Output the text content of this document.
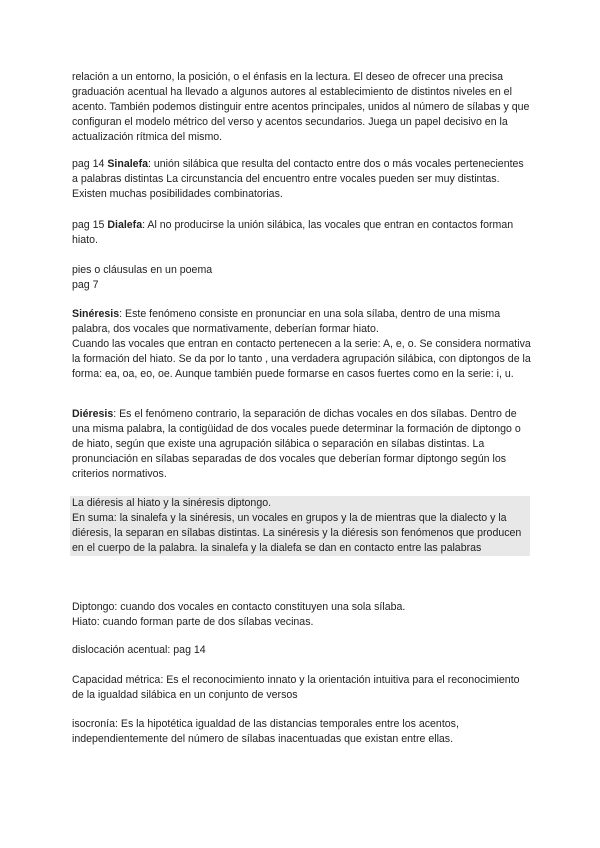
relación a un entorno, la posición, o el énfasis en la lectura. El deseo de ofrecer una precisa graduación acentual ha llevado a algunos autores al establecimiento de distintos niveles en el acento. También podemos distinguir entre acentos principales, unidos al número de sílabas y que configuran el modelo métrico del verso y acentos secundarios. Juega un papel decisivo en la actualización rítmica del mismo.

pag 14 Sinalefa: unión silábica que resulta del contacto entre dos o más vocales pertenecientes a palabras distintas La circunstancia del encuentro entre vocales pueden ser muy distintas. Existen muchas posibilidades combinatorias.

pag 15 Dialefa: Al no producirse la unión silábica, las vocales que entran en contactos forman hiato.

pies o cláusulas en un poema

pag 7

Sinéresis: Este fenómeno consiste en pronunciar en una sola sílaba, dentro de una misma palabra, dos vocales que normativamente, deberían formar hiato.

Cuando las vocales que entran en contacto pertenecen a la serie: A, e, o. Se considera normativa la formación del hiato. Se da por lo tanto , una verdadera agrupación silábica, con diptongos de la forma: ea, oa, eo, oe. Aunque también puede formarse en casos fuertes como en la serie: i, u.

Diéresis: Es el fenómeno contrario, la separación de dichas vocales en dos sílabas. Dentro de una misma palabra, la contigüidad de dos vocales puede determinar la formación de diptongo o de hiato, según que existe una agrupación silábica o separación en sílabas distintas. La pronunciación en sílabas separadas de dos vocales que deberían formar diptongo según los criterios normativos.

La diéresis al hiato y la sinéresis diptongo.

En suma: la sinalefa y la sinéresis, un vocales en grupos y la de mientras que la dialecto y la diéresis, la separan en sílabas distintas. La sinéresis y la diéresis son fenómenos que producen en el cuerpo de la palabra. la sinalefa y la dialefa se dan en contacto entre las palabras

Diptongo: cuando dos vocales en contacto constituyen una sola sílaba.

Hiato: cuando forman parte de dos sílabas vecinas.

dislocación acentual: pag 14

Capacidad métrica: Es el reconocimiento innato y la orientación intuitiva para el reconocimiento de la igualdad silábica en un conjunto de versos

isocronía: Es la hipotética igualdad de las distancias temporales entre los acentos, independientemente del número de sílabas inacentuadas que existan entre ellas.
